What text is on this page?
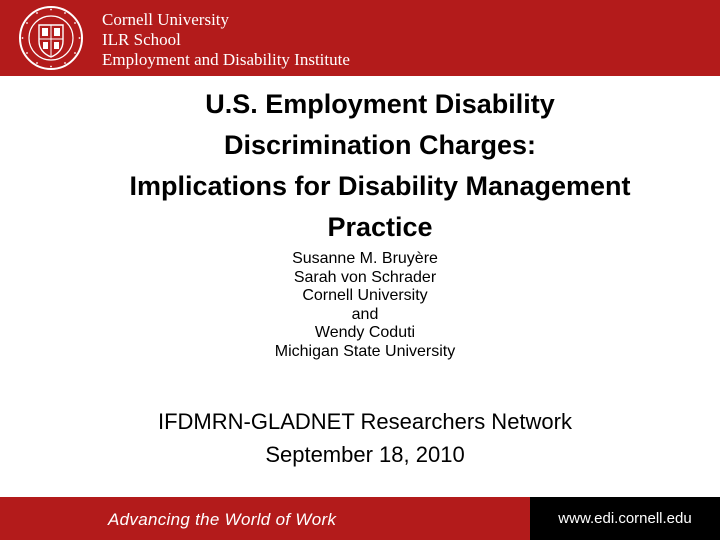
Cornell University
ILR School
Employment and Disability Institute
U.S. Employment Disability
Discrimination Charges:
Implications for Disability Management
Practice
Susanne M. Bruyère
Sarah von Schrader
Cornell University
and
Wendy Coduti
Michigan State University
IFDMRN-GLADNET Researchers Network
September 18, 2010
Advancing the World of Work	www.edi.cornell.edu
